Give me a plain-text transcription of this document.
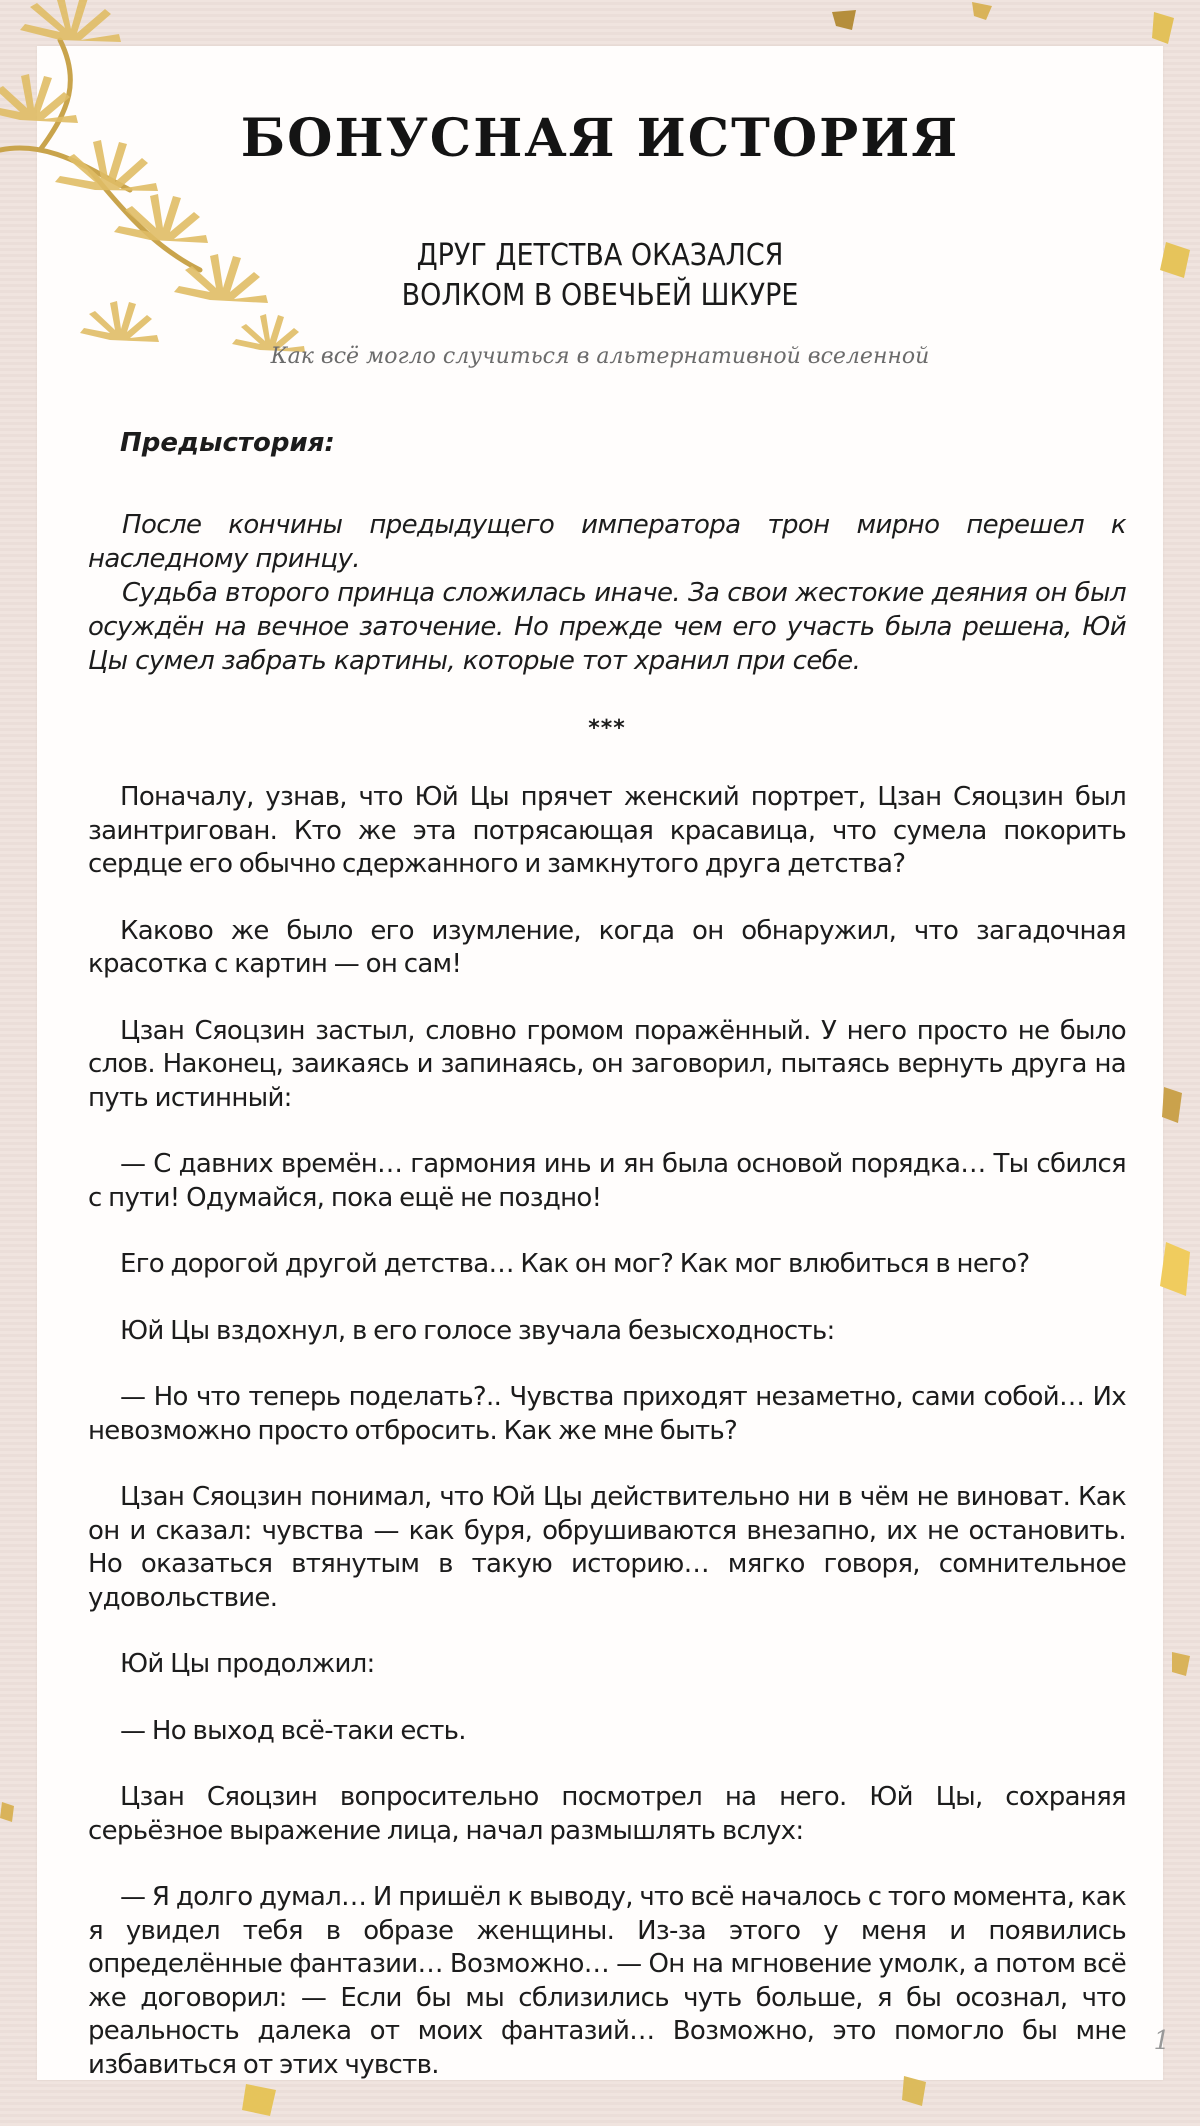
БОНУСНАЯ ИСТОРИЯ
ДРУГ ДЕТСТВА ОКАЗАЛСЯ
ВОЛКОМ В ОВЕЧЬЕЙ ШКУРЕ

Как всё могло случиться в альтернативной вселенной

Предыстория:

После кончины предыдущего императора трон мирно перешел к наследному принцу.

Судьба второго принца сложилась иначе. За свои жестокие деяния он был осуждён на вечное заточение. Но прежде чем его участь была решена, Юй Цы сумел забрать картины, которые тот хранил при себе.

***

Поначалу, узнав, что Юй Цы прячет женский портрет, Цзан Сяоцзин был заинтригован. Кто же эта потрясающая красавица, что сумела покорить сердце его обычно сдержанного и замкнутого друга детства?

Каково же было его изумление, когда он обнаружил, что загадочная красотка с картин — он сам!

Цзан Сяоцзин застыл, словно громом поражённый. У него просто не было слов. Наконец, заикаясь и запинаясь, он заговорил, пытаясь вернуть друга на путь истинный:

— С давних времён… гармония инь и ян была основой порядка… Ты сбился с пути! Одумайся, пока ещё не поздно!

Его дорогой другой детства… Как он мог? Как мог влюбиться в него?

Юй Цы вздохнул, в его голосе звучала безысходность:

— Но что теперь поделать?.. Чувства приходят незаметно, сами собой… Их невозможно просто отбросить. Как же мне быть?

Цзан Сяоцзин понимал, что Юй Цы действительно ни в чём не виноват. Как он и сказал: чувства — как буря, обрушиваются внезапно, их не остановить. Но оказаться втянутым в такую историю… мягко говоря, сомнительное удовольствие.

Юй Цы продолжил:

— Но выход всё-таки есть.

Цзан Сяоцзин вопросительно посмотрел на него. Юй Цы, сохраняя серьёзное выражение лица, начал размышлять вслух:

— Я долго думал… И пришёл к выводу, что всё началось с того момента, как я увидел тебя в образе женщины. Из-за этого у меня и появились определённые фантазии… Возможно… — Он на мгновение умолк, а потом всё же договорил: — Если бы мы сблизились чуть больше, я бы осознал, что реальность далека от моих фантазий… Возможно, это помогло бы мне избавиться от этих чувств.

1
